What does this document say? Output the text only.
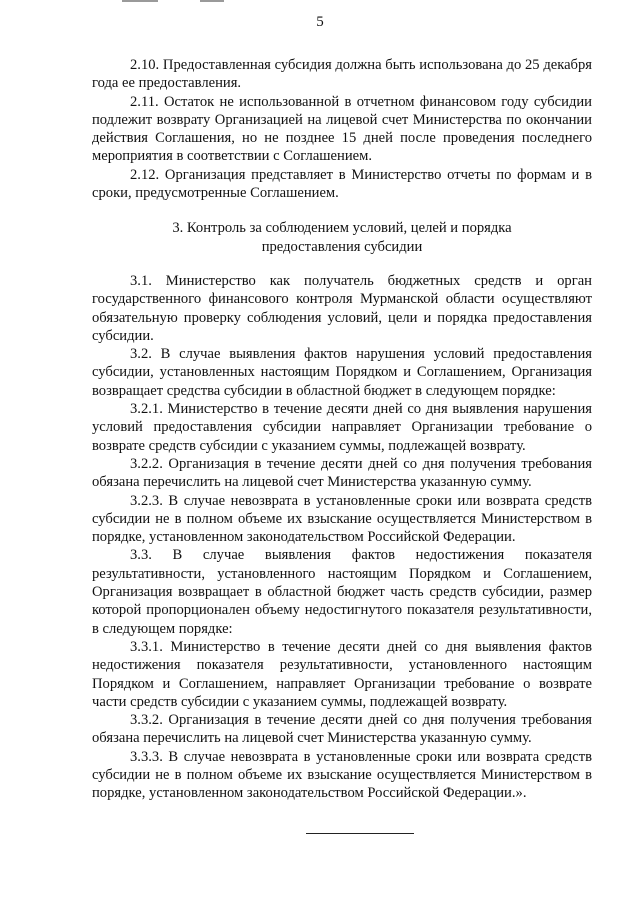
5

2.10. Предоставленная субсидия должна быть использована до 25 декабря года ее предоставления.

2.11. Остаток не использованной в отчетном финансовом году субсидии подлежит возврату Организацией на лицевой счет Министерства по окончании действия Соглашения, но не позднее 15 дней после проведения последнего мероприятия в соответствии с Соглашением.

2.12. Организация представляет в Министерство отчеты по формам и в сроки, предусмотренные Соглашением.

3. Контроль за соблюдением условий, целей и порядка
предоставления субсидии

3.1. Министерство как получатель бюджетных средств и орган государственного финансового контроля Мурманской области осуществляют обязательную проверку соблюдения условий, цели и порядка предоставления субсидии.

3.2. В случае выявления фактов нарушения условий предоставления субсидии, установленных настоящим Порядком и Соглашением, Организация возвращает средства субсидии в областной бюджет в следующем порядке:

3.2.1. Министерство в течение десяти дней со дня выявления нарушения условий предоставления субсидии направляет Организации требование о возврате средств субсидии с указанием суммы, подлежащей возврату.

3.2.2. Организация в течение десяти дней со дня получения требования обязана перечислить на лицевой счет Министерства указанную сумму.

3.2.3. В случае невозврата в установленные сроки или возврата средств субсидии не в полном объеме их взыскание осуществляется Министерством в порядке, установленном законодательством Российской Федерации.

3.3. В случае выявления фактов недостижения показателя результативности, установленного настоящим Порядком и Соглашением, Организация возвращает в областной бюджет часть средств субсидии, размер которой пропорционален объему недостигнутого показателя результативности, в следующем порядке:

3.3.1. Министерство в течение десяти дней со дня выявления фактов недостижения показателя результативности, установленного настоящим Порядком и Соглашением, направляет Организации требование о возврате части средств субсидии с указанием суммы, подлежащей возврату.

3.3.2. Организация в течение десяти дней со дня получения требования обязана перечислить на лицевой счет Министерства указанную сумму.

3.3.3. В случае невозврата в установленные сроки или возврата средств субсидии не в полном объеме их взыскание осуществляется Министерством в порядке, установленном законодательством Российской Федерации.».
